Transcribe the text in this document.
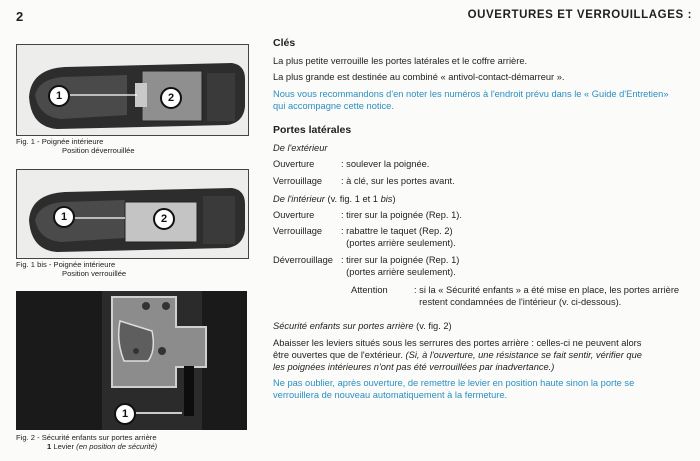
2	OUVERTURES ET VERROUILLAGES :
1	2
Fig. 1 - Poignée intérieure
Position déverrouillée
1	2
Fig. 1 bis - Poignée intérieure
Position verrouillée
1
Fig. 2 - Sécurité enfants sur portes arrière
1 Levier (en position de sécurité)

Clés

La plus petite verrouille les portes latérales et le coffre arrière.

La plus grande est destinée au combiné « antivol-contact-démarreur ».

Nous vous recommandons d'en noter les numéros à l'endroit prévu dans le « Guide d'Entretien»

qui accompagne cette notice.

Portes latérales

De l'extérieur

Ouverture	: soulever la poignée.
Verrouillage	: à clé, sur les portes avant.

De l'intérieur (v. fig. 1 et 1 bis)

Ouverture	: tirer sur la poignée (Rep. 1).
Verrouillage	: rabattre le taquet (Rep. 2)
(portes arrière seulement).
Déverrouillage : tirer sur la poignée (Rep. 1)
(portes arrière seulement).
Attention	: si la « Sécurité enfants » a été mise en place, les portes arrière
restent condamnées de l'intérieur (v. ci-dessous).

Sécurité enfants sur portes arrière (v. fig. 2)

Abaisser les leviers situés sous les serrures des portes arrière : celles-ci ne peuvent alors

être ouvertes que de l'extérieur. (Si, à l'ouverture, une résistance se fait sentir, vérifier que

les poignées intérieures n'ont pas été verrouillées par inadvertance.)

Ne pas oublier, après ouverture, de remettre le levier en position haute sinon la porte se

verrouillera de nouveau automatiquement à la fermeture.
